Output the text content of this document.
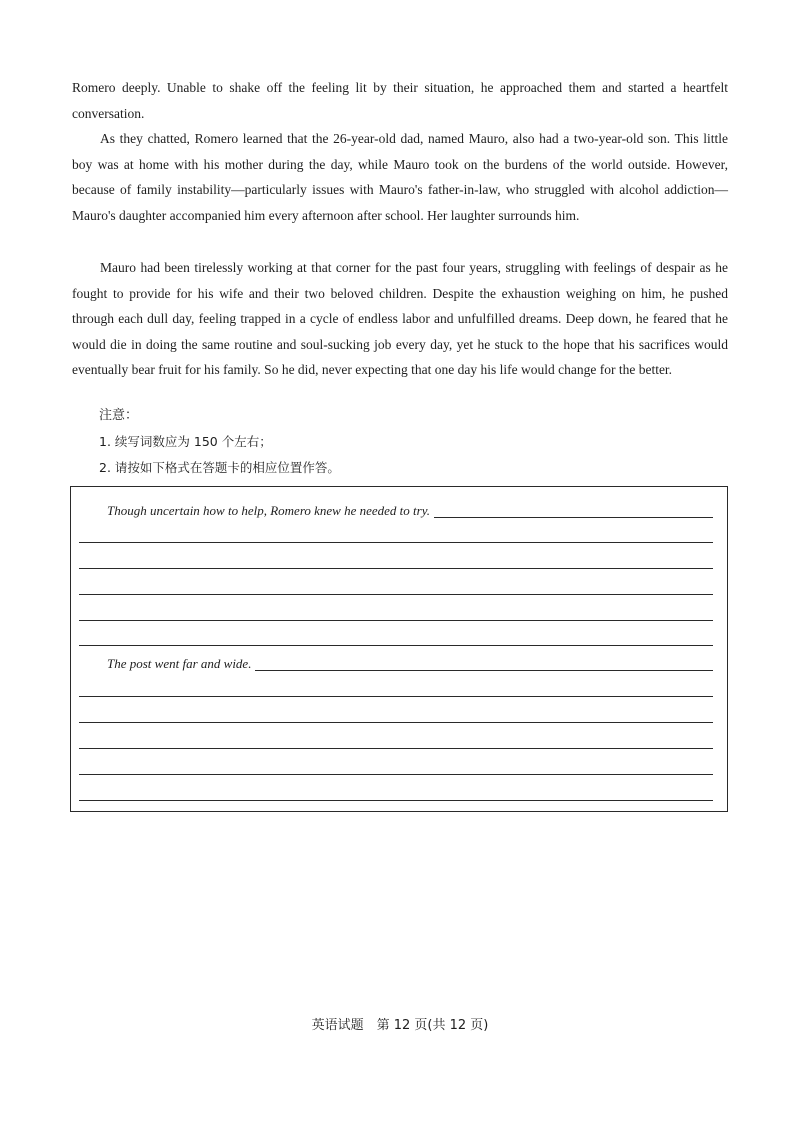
Romero deeply. Unable to shake off the feeling lit by their situation, he approached them and started a heartfelt conversation.

As they chatted, Romero learned that the 26-year-old dad, named Mauro, also had a two-year-old son. This little boy was at home with his mother during the day, while Mauro took on the burdens of the world outside. However, because of family instability—particularly issues with Mauro's father-in-law, who struggled with alcohol addiction—Mauro's daughter accompanied him every afternoon after school. Her laughter surrounds him.

Mauro had been tirelessly working at that corner for the past four years, struggling with feelings of despair as he fought to provide for his wife and their two beloved children. Despite the exhaustion weighing on him, he pushed through each dull day, feeling trapped in a cycle of endless labor and unfulfilled dreams. Deep down, he feared that he would die in doing the same routine and soul-sucking job every day, yet he stuck to the hope that his sacrifices would eventually bear fruit for his family. So he did, never expecting that one day his life would change for the better.

注意：
1. 续写词数应为 150 个左右；
2. 请按如下格式在答题卡的相应位置作答。
Though uncertain how to help, Romero knew he needed to try.
The post went far and wide.
英语试题　第 12 页(共 12 页)
